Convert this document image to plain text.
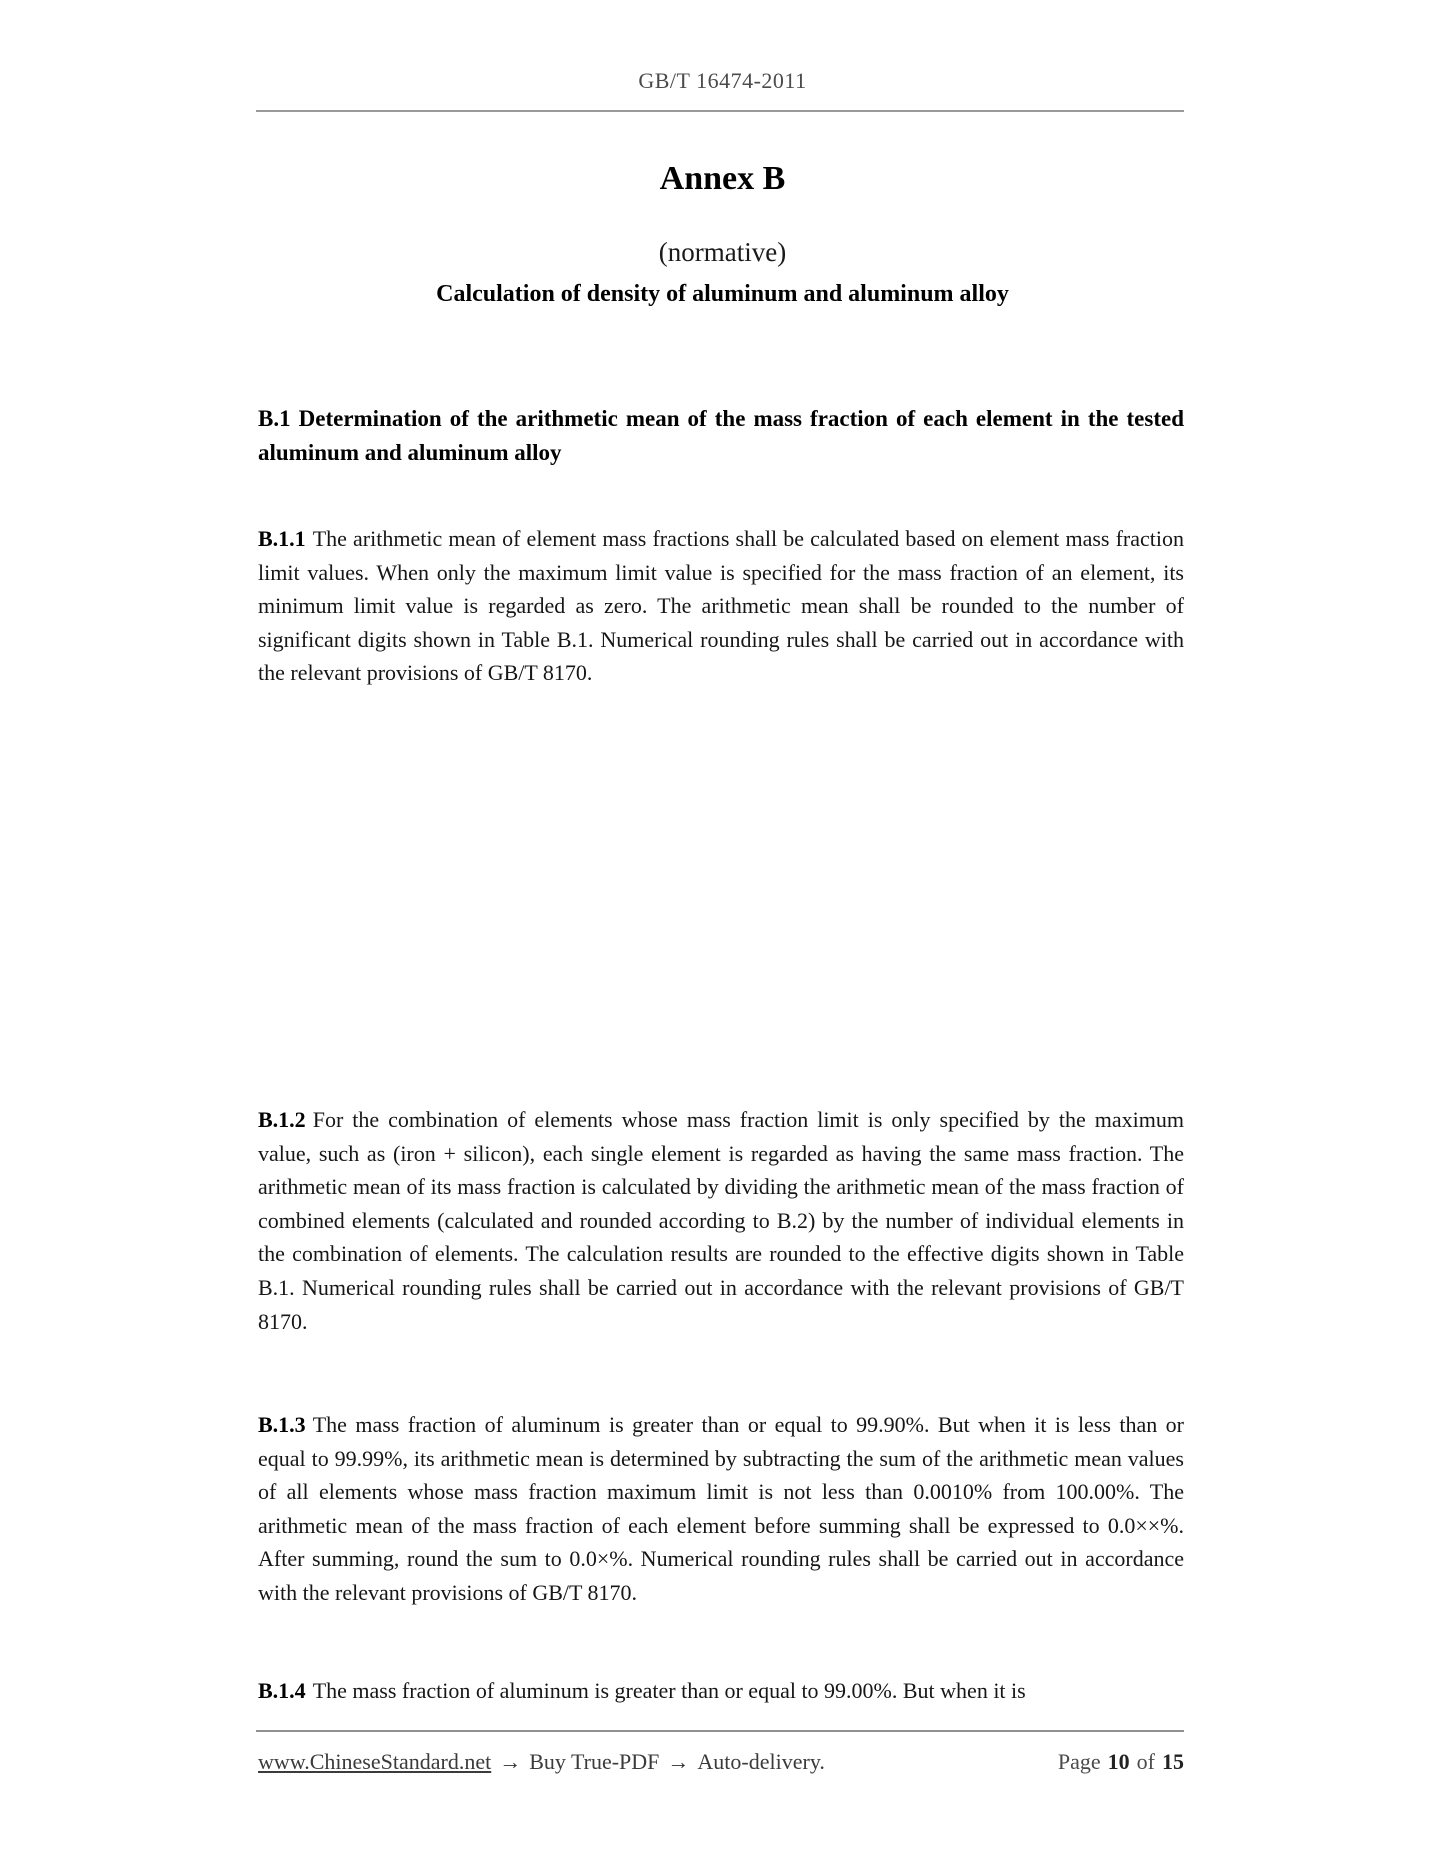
GB/T 16474-2011
Annex B
(normative)
Calculation of density of aluminum and aluminum alloy
B.1 Determination of the arithmetic mean of the mass fraction of each element in the tested aluminum and aluminum alloy

B.1.1 The arithmetic mean of element mass fractions shall be calculated based on element mass fraction limit values. When only the maximum limit value is specified for the mass fraction of an element, its minimum limit value is regarded as zero. The arithmetic mean shall be rounded to the number of significant digits shown in Table B.1. Numerical rounding rules shall be carried out in accordance with the relevant provisions of GB/T 8170.

B.1.2 For the combination of elements whose mass fraction limit is only specified by the maximum value, such as (iron + silicon), each single element is regarded as having the same mass fraction. The arithmetic mean of its mass fraction is calculated by dividing the arithmetic mean of the mass fraction of combined elements (calculated and rounded according to B.2) by the number of individual elements in the combination of elements. The calculation results are rounded to the effective digits shown in Table B.1. Numerical rounding rules shall be carried out in accordance with the relevant provisions of GB/T 8170.

B.1.3 The mass fraction of aluminum is greater than or equal to 99.90%. But when it is less than or equal to 99.99%, its arithmetic mean is determined by subtracting the sum of the arithmetic mean values of all elements whose mass fraction maximum limit is not less than 0.0010% from 100.00%. The arithmetic mean of the mass fraction of each element before summing shall be expressed to 0.0××%. After summing, round the sum to 0.0×%. Numerical rounding rules shall be carried out in accordance with the relevant provisions of GB/T 8170.

B.1.4 The mass fraction of aluminum is greater than or equal to 99.00%. But when it is

www.ChineseStandard.net → Buy True-PDF → Auto-delivery.	Page 10 of 15
